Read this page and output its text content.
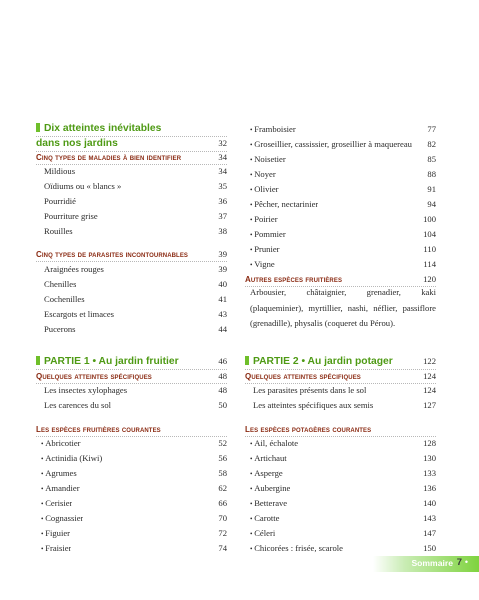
Dix atteintes inévitables
dans nos jardins	32
Cinq types de maladies à bien identifier	34
Mildious	34
Oïdiums ou « blancs »	35
Pourridié	36
Pourriture grise	37
Rouilles	38
Cinq types de parasites incontournables	39
Araignées rouges	39
Chenilles	40
Cochenilles	41
Escargots et limaces	43
Pucerons	44
PARTIE 1 • Au jardin fruitier	46
Quelques atteintes spécifiques	48
Les insectes xylophages	48
Les carences du sol	50
Les espèces fruitières courantes
• Abricotier	52
• Actinidia (Kiwi)	56
• Agrumes	58
• Amandier	62
• Cerisier	66
• Cognassier	70
• Figuier	72
• Fraisier	74
• Framboisier	77
• Groseillier, cassissier, groseillier à maquereau	82
• Noisetier	85
• Noyer	88
• Olivier	91
• Pêcher, nectarinier	94
• Poirier	100
• Pommier	104
• Prunier	110
• Vigne	114
Autres espèces fruitières	120
Arbousier, châtaignier, grenadier, kaki (plaqueminier), myrtillier, nashi, néflier, passiflore (grenadille), physalis (coqueret du Pérou).
PARTIE 2 • Au jardin potager	122
Quelques atteintes spécifiques	124
Les parasites présents dans le sol	124
Les atteintes spécifiques aux semis	127
Les espèces potagères courantes
• Ail, échalote	128
• Artichaut	130
• Asperge	133
• Aubergine	136
• Betterave	140
• Carotte	143
• Céleri	147
• Chicorées : frisée, scarole	150
Sommaire •
7
